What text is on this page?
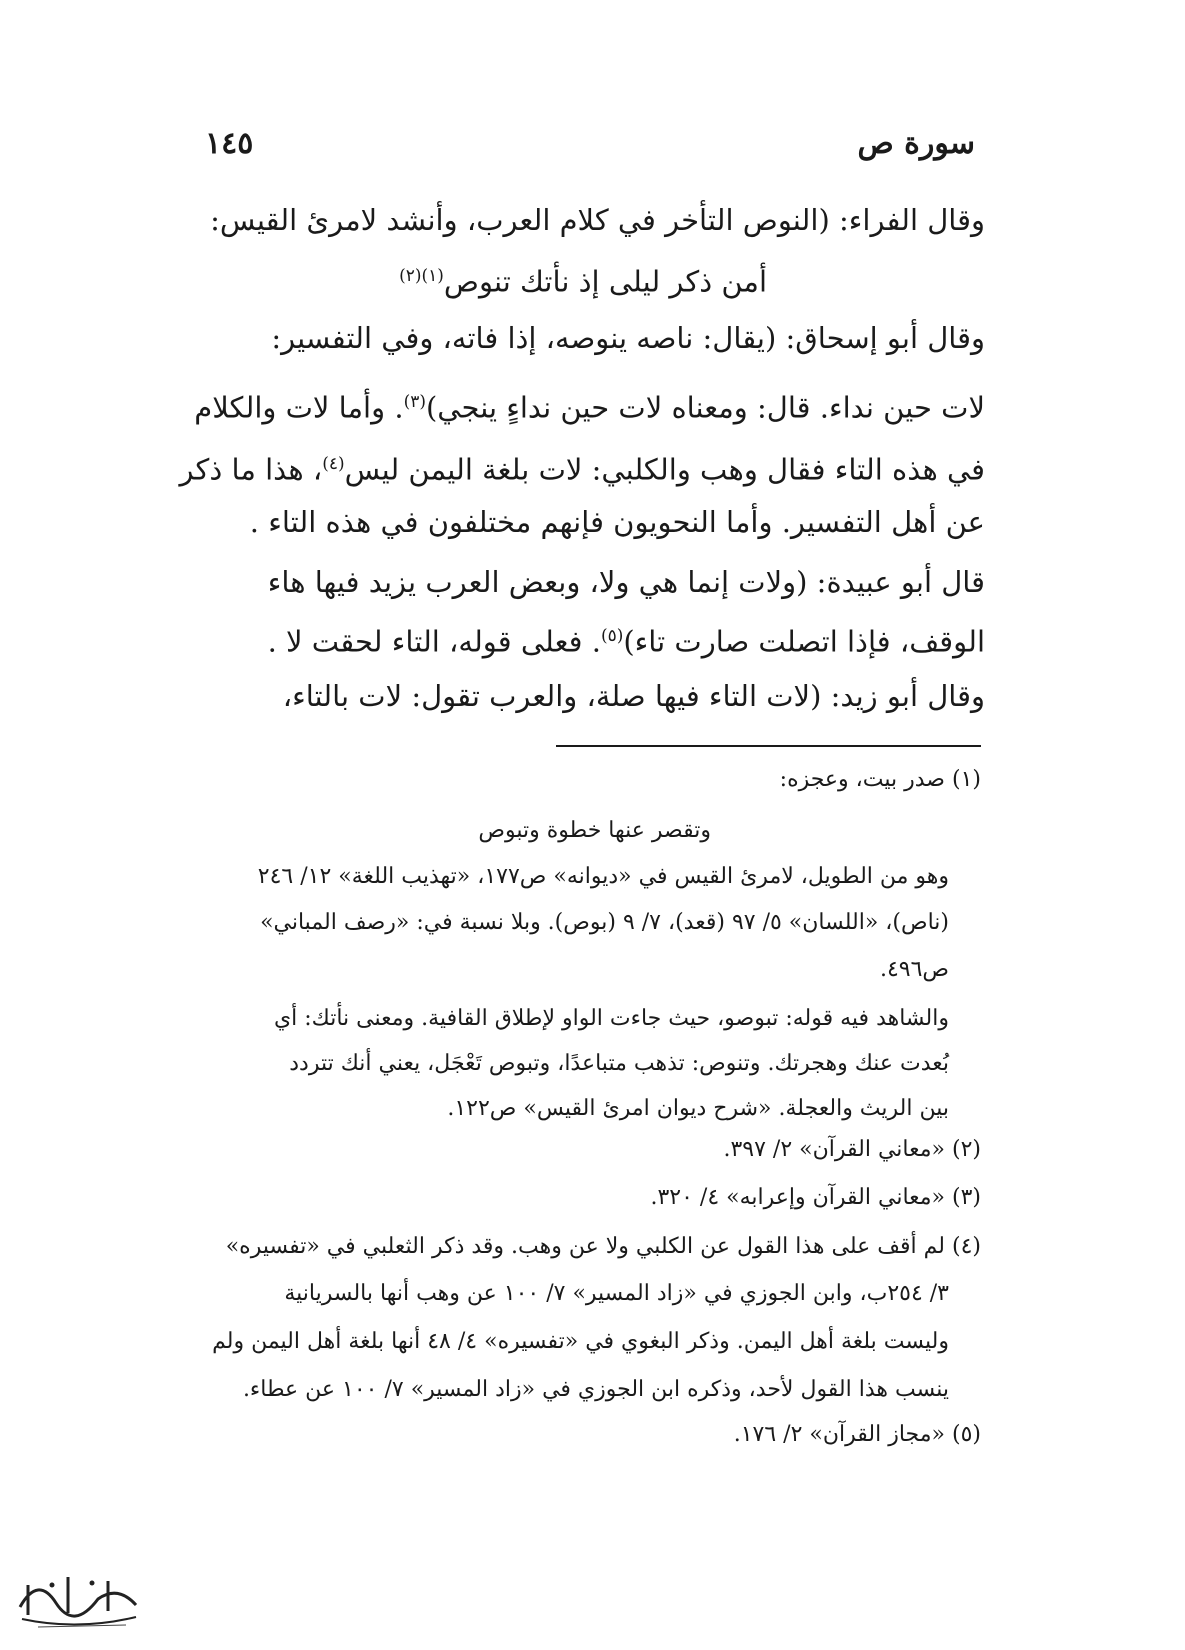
سورة ص
١٤٥
وقال الفراء: (النوص التأخر في كلام العرب، وأنشد لامرئ القيس:
أمن ذكر ليلى إذ نأتك تنوص$^{(١)(٢)}$
وقال أبو إسحاق: (يقال: ناصه ينوصه، إذا فاته، وفي التفسير:
لات حين نداء. قال: ومعناه لات حين نداءٍ ينجي)$^{(٣)}$. وأما لات والكلام
في هذه التاء فقال وهب والكلبي: لات بلغة اليمن ليس$^{(٤)}$، هذا ما ذكر
عن أهل التفسير. وأما النحويون فإنهم مختلفون في هذه التاء .
قال أبو عبيدة: (ولات إنما هي ولا، وبعض العرب يزيد فيها هاء
الوقف، فإذا اتصلت صارت تاء)$^{(٥)}$. فعلى قوله، التاء لحقت لا .
وقال أبو زيد: (لات التاء فيها صلة، والعرب تقول: لات بالتاء،
(١) صدر بيت، وعجزه:
وتقصر عنها خطوة وتبوص
وهو من الطويل، لامرئ القيس في «ديوانه» ص١٧٧، «تهذيب اللغة» ١٢/ ٢٤٦
(ناص)، «اللسان» ٥/ ٩٧ (قعد)، ٧/ ٩ (بوص). وبلا نسبة في: «رصف المباني»
ص٤٩٦.
والشاهد فيه قوله: تبوصو، حيث جاءت الواو لإطلاق القافية. ومعنى نأتك: أي
بُعدت عنك وهجرتك. وتنوص: تذهب متباعدًا، وتبوص تَعْجَل، يعني أنك تتردد
بين الريث والعجلة. «شرح ديوان امرئ القيس» ص١٢٢.
(٢) «معاني القرآن» ٢/ ٣٩٧.
(٣) «معاني القرآن وإعرابه» ٤/ ٣٢٠.
(٤) لم أقف على هذا القول عن الكلبي ولا عن وهب. وقد ذكر الثعلبي في «تفسيره»
٣/ ٢٥٤ب، وابن الجوزي في «زاد المسير» ٧/ ١٠٠ عن وهب أنها بالسريانية
وليست بلغة أهل اليمن. وذكر البغوي في «تفسيره» ٤/ ٤٨ أنها بلغة أهل اليمن ولم
ينسب هذا القول لأحد، وذكره ابن الجوزي في «زاد المسير» ٧/ ١٠٠ عن عطاء.
(٥) «مجاز القرآن» ٢/ ١٧٦.
